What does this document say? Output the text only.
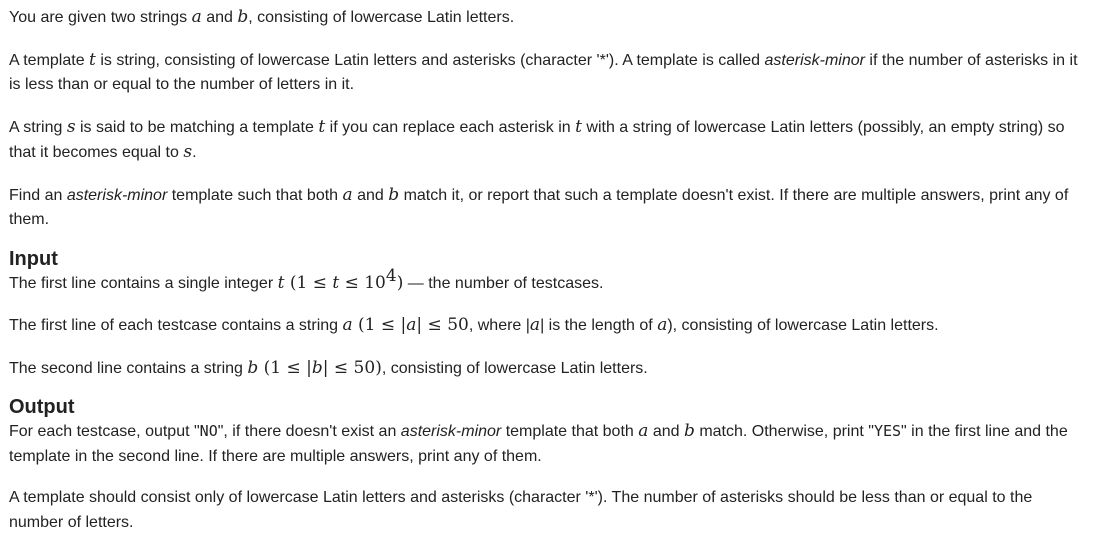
You are given two strings a and b, consisting of lowercase Latin letters.

A template t is string, consisting of lowercase Latin letters and asterisks (character '*'). A template is called asterisk-minor if the number of asterisks in it is less than or equal to the number of letters in it.

A string s is said to be matching a template t if you can replace each asterisk in t with a string of lowercase Latin letters (possibly, an empty string) so that it becomes equal to s.

Find an asterisk-minor template such that both a and b match it, or report that such a template doesn't exist. If there are multiple answers, print any of them.

Input

The first line contains a single integer t $(1 \le t \le 10^4)$ — the number of testcases.

The first line of each testcase contains a string a (1 ≤ |a| ≤ 50, where |a| is the length of a), consisting of lowercase Latin letters.

The second line contains a string b (1 ≤ |b| ≤ 50), consisting of lowercase Latin letters.

Output

For each testcase, output "NO", if there doesn't exist an asterisk-minor template that both a and b match. Otherwise, print "YES" in the first line and the template in the second line. If there are multiple answers, print any of them.

A template should consist only of lowercase Latin letters and asterisks (character '*'). The number of asterisks should be less than or equal to the number of letters.
